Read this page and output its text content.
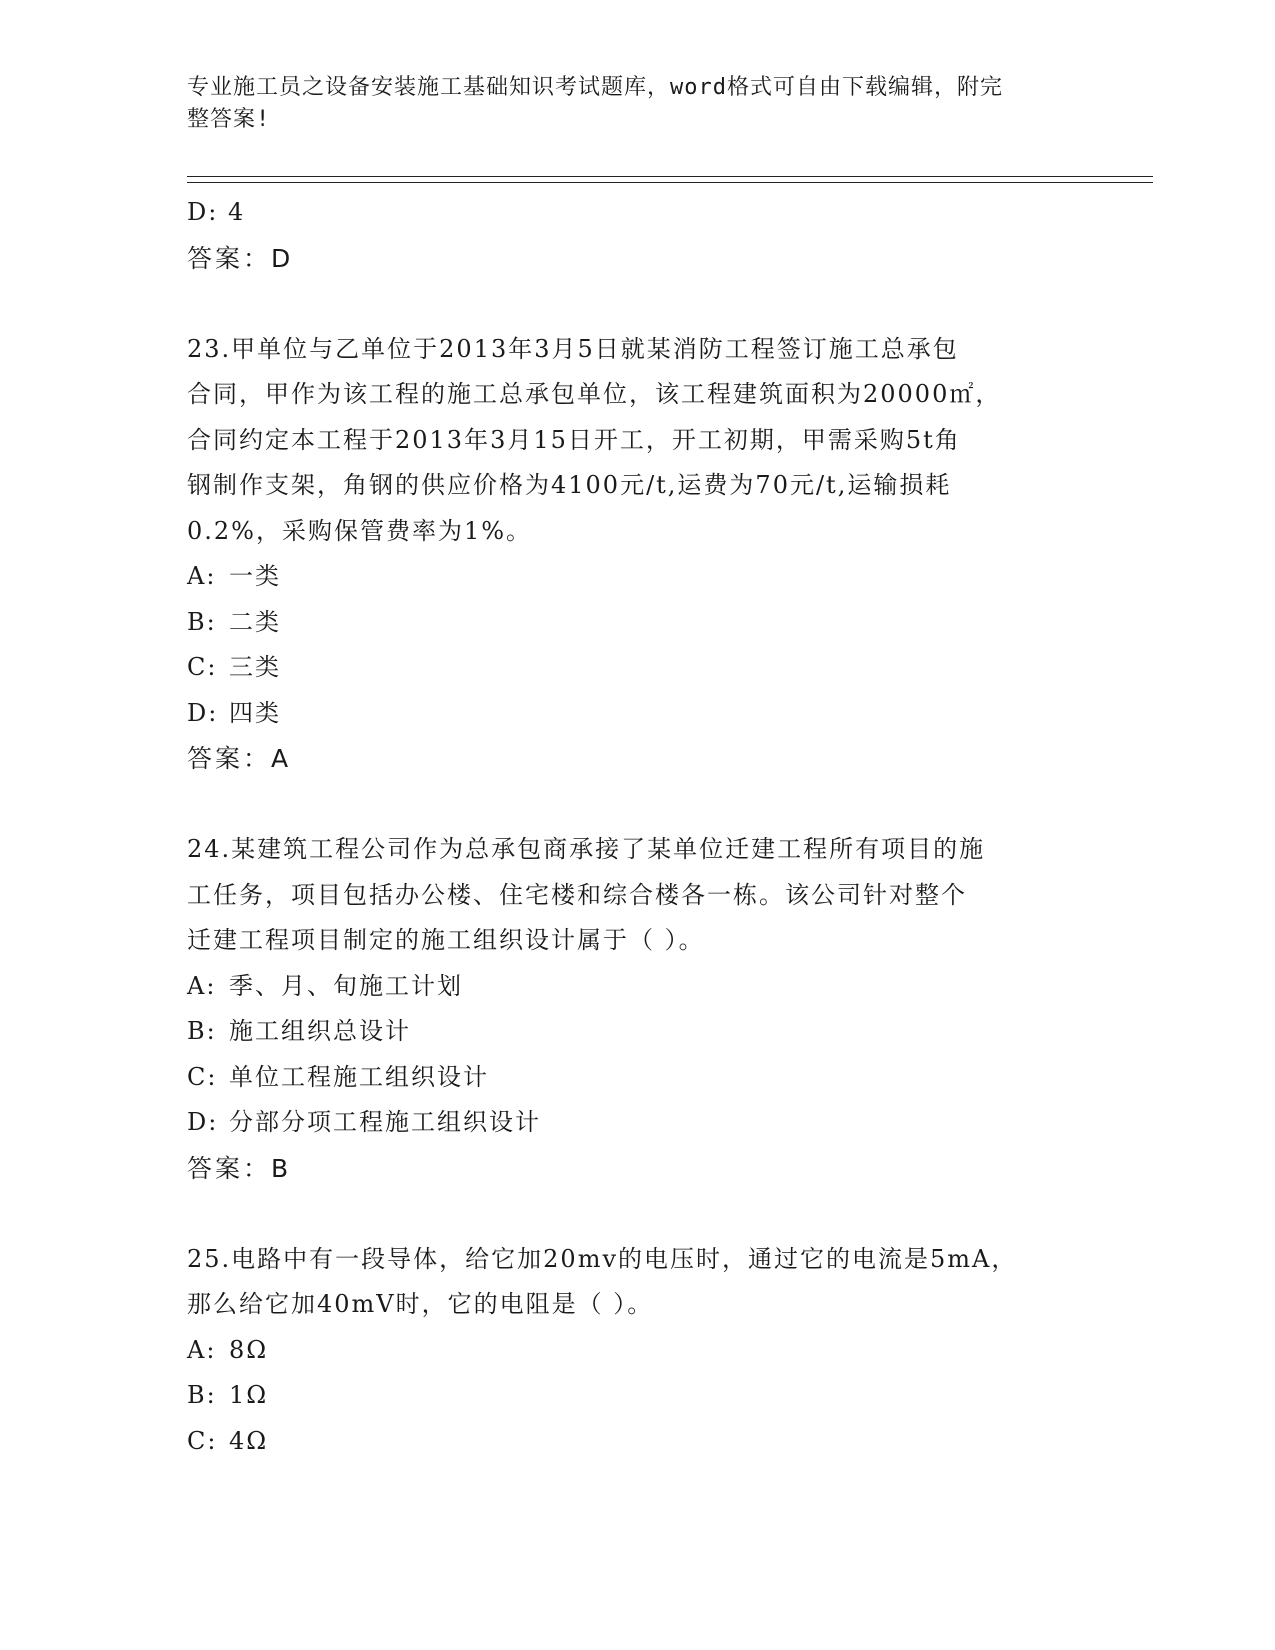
专业施工员之设备安装施工基础知识考试题库，word格式可自由下载编辑，附完
整答案!
D: 4
答案：D
23.甲单位与乙单位于2013年3月5日就某消防工程签订施工总承包
合同，甲作为该工程的施工总承包单位，该工程建筑面积为20000㎡，
合同约定本工程于2013年3月15日开工，开工初期，甲需采购5t角
钢制作支架，角钢的供应价格为4100元/t,运费为70元/t,运输损耗
0.2%，采购保管费率为1%。
A: 一类
B: 二类
C: 三类
D: 四类
答案：A
24.某建筑工程公司作为总承包商承接了某单位迁建工程所有项目的施
工任务，项目包括办公楼、住宅楼和综合楼各一栋。该公司针对整个
迁建工程项目制定的施工组织设计属于（ ）。
A: 季、月、旬施工计划
B: 施工组织总设计
C: 单位工程施工组织设计
D: 分部分项工程施工组织设计
答案：B
25.电路中有一段导体，给它加20mv的电压时，通过它的电流是5mA，
那么给它加40mV时，它的电阻是（ ）。
A: 8Ω
B: 1Ω
C: 4Ω
